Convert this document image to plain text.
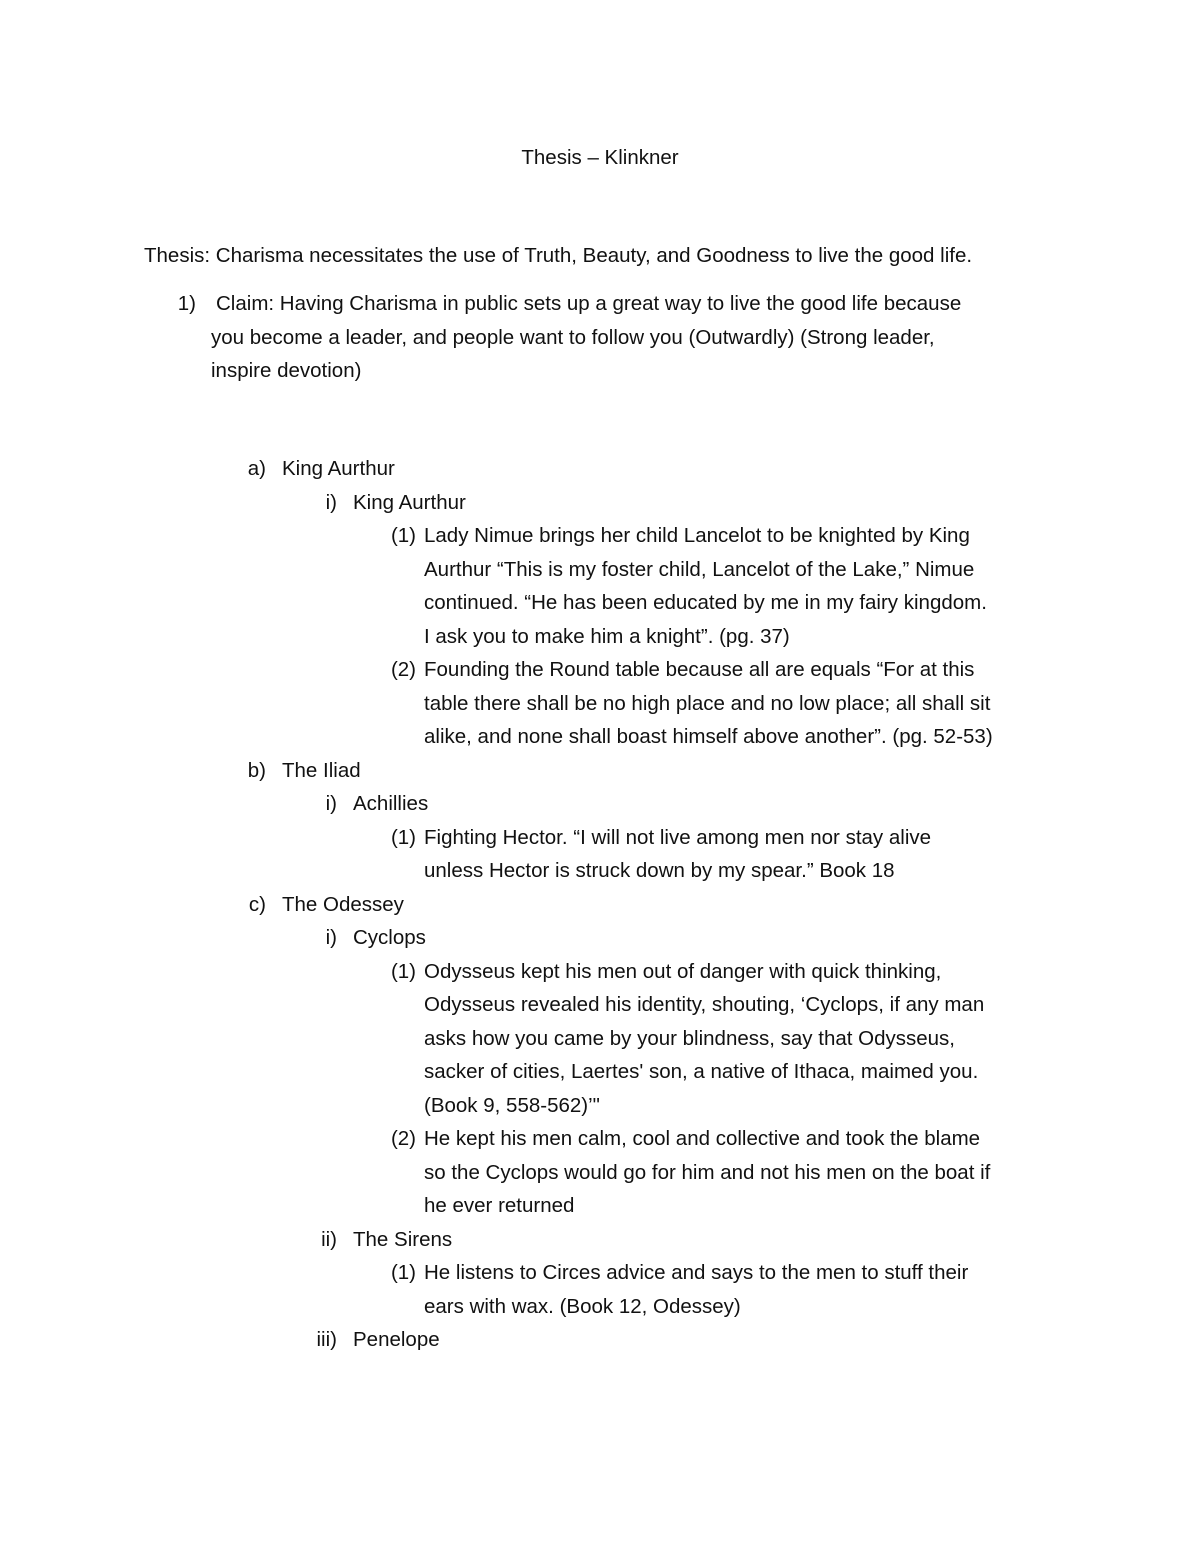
Thesis – Klinkner
Thesis: Charisma necessitates the use of Truth, Beauty, and Goodness to live the good life.
1) Claim: Having Charisma in public sets up a great way to live the good life because
you become a leader, and people want to follow you (Outwardly) (Strong leader,
inspire devotion)
a) King Aurthur
i) King Aurthur
(1) Lady Nimue brings her child Lancelot to be knighted by King
Aurthur “This is my foster child, Lancelot of the Lake,” Nimue
continued. “He has been educated by me in my fairy kingdom.
I ask you to make him a knight”. (pg. 37)
(2) Founding the Round table because all are equals “For at this
table there shall be no high place and no low place; all shall sit
alike, and none shall boast himself above another”. (pg. 52-53)
b) The Iliad
i) Achillies
(1) Fighting Hector. “I will not live among men nor stay alive
unless Hector is struck down by my spear.” Book 18
c) The Odessey
i) Cyclops
(1) Odysseus kept his men out of danger with quick thinking,
Odysseus revealed his identity, shouting, ‘Cyclops, if any man
asks how you came by your blindness, say that Odysseus,
sacker of cities, Laertes' son, a native of Ithaca, maimed you.
(Book 9, 558-562)’"
(2) He kept his men calm, cool and collective and took the blame
so the Cyclops would go for him and not his men on the boat if
he ever returned
ii) The Sirens
(1) He listens to Circes advice and says to the men to stuff their
ears with wax. (Book 12, Odessey)
iii) Penelope
